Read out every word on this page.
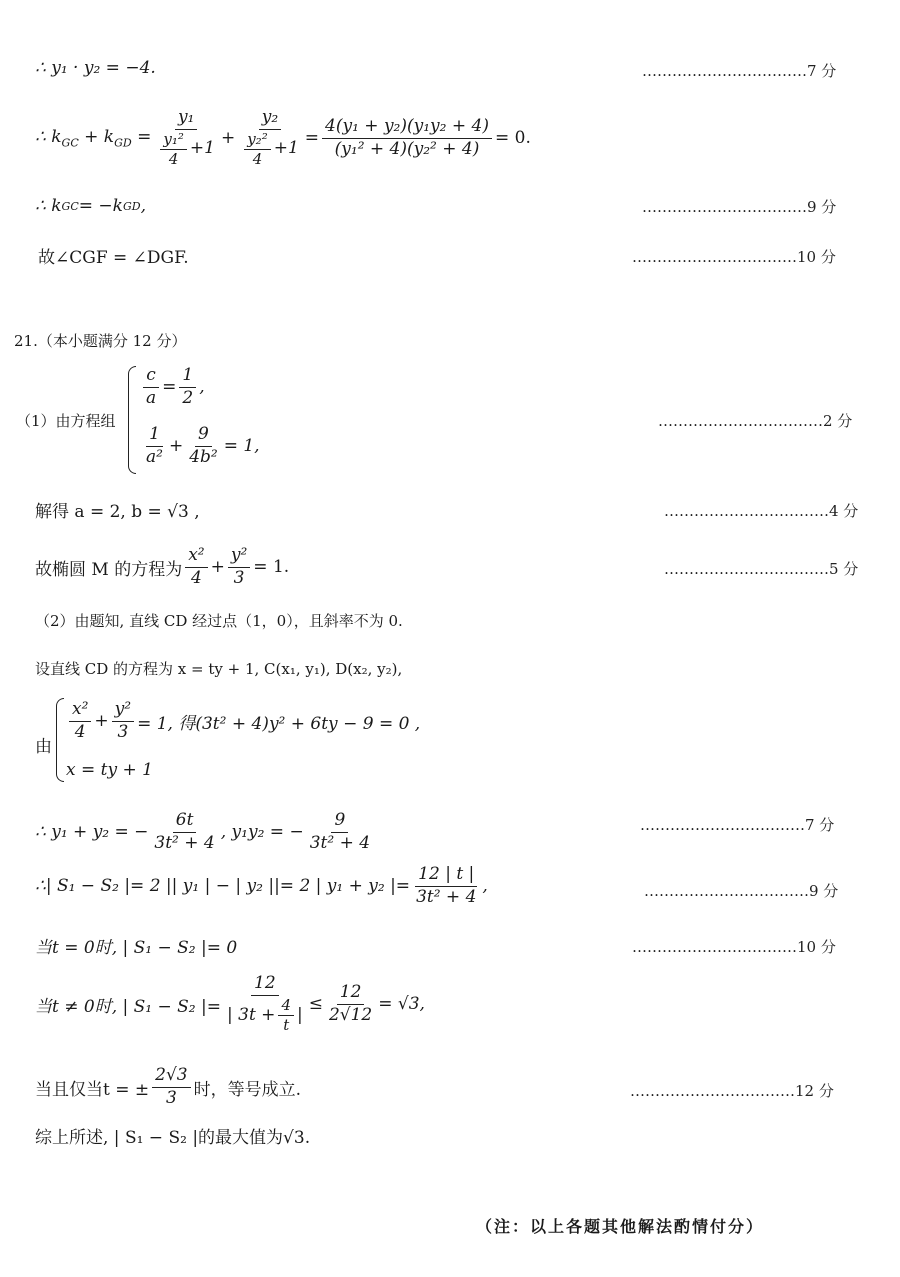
∴ y₁ · y₂ = −4.	……………………………7 分
∴ $k_{GC} + k_{GD} = \frac{\text{y₁}}{\frac{\text{y₁²}}{4} +1} + \frac{\text{y₂}}{\frac{\text{y₂²}}{4} +1} = \frac{\text{4(y₁ + y₂)(y₁y₂ + 4)}}{\text{(y₁² + 4)(y₂² + 4)}} = 0$.
∴ k GC = −k GD ,	……………………………9 分
故∠CGF = ∠DGF.	……………………………10 分
21.（本小题满分 12 分）
（1）由方程组
$\frac{c}{a} = \frac{1}{2}$ ,
$\frac{1}{\text{a²}} + \frac{9}{\text{4b²}} = 1$,
……………………………2 分
解得 a = 2, b = √3 ,	……………………………4 分
故椭圆 M 的方程为 $\frac{\text{x²}}{4} + \frac{\text{y²}}{3} = 1$.	……………………………5 分
（2）由题知, 直线 CD 经过点（1，0），且斜率不为 0.
设直线 CD 的方程为 x = ty + 1, C(x₁, y₁), D(x₂, y₂),
由
$\frac{\text{x²}}{4} + \frac{\text{y²}}{3} = 1$, 得(3t² + 4)y² + 6ty − 9 = 0 ,
x = ty + 1
∴ y₁ + y₂ = − $\frac{6t}{\text{3t² + 4}}$ , y₁y₂ = − $\frac{9}{\text{3t² + 4}}$	……………………………7 分
∴| S₁ − S₂ |= 2 || y₁ | − | y₂ ||= 2 | y₁ + y₂ |= $\frac{12 | t |}{\text{3t² + 4}}$ ,	……………………………9 分
当t = 0时, | S₁ − S₂ |= 0	……………………………10 分
当t ≠ 0时, | S₁ − S₂ |= $\frac{12}{| 3t + \frac{4}{t} |} \le \frac{12}{2√12} = √3$,
当且仅当t = ± $\frac{2√3}{3}$ 时，等号成立.	……………………………12 分
综上所述, | S₁ − S₂ |的最大值为√3.
（注：以上各题其他解法酌情付分）
